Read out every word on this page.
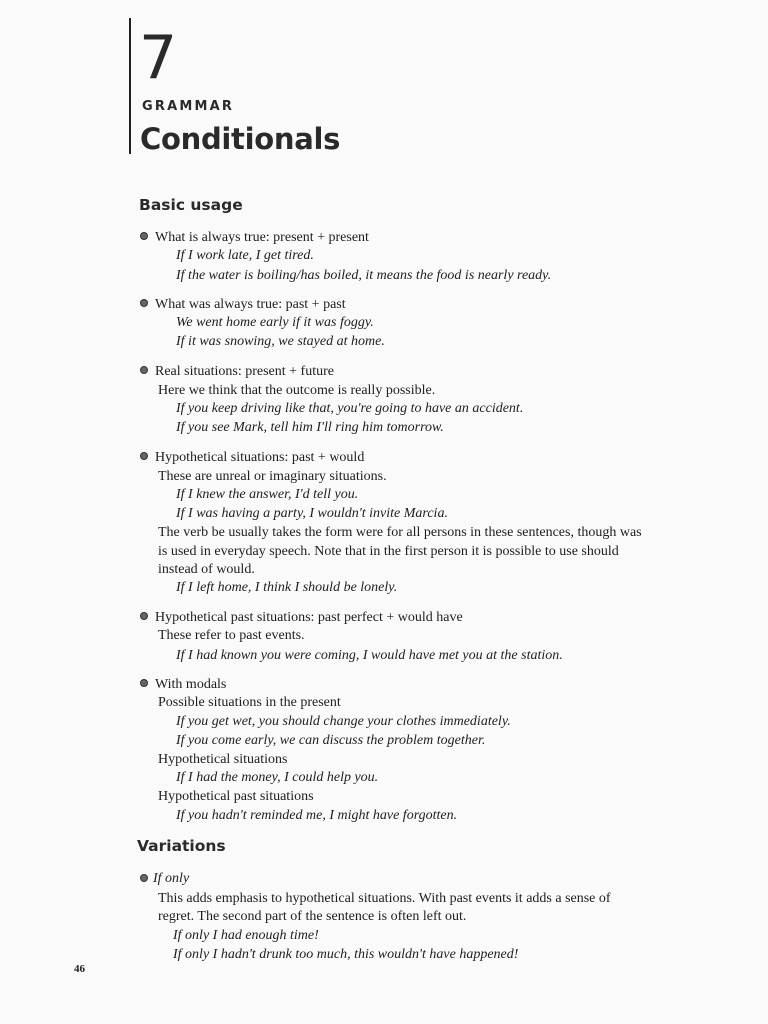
7
GRAMMAR
Conditionals
Basic usage
What is always true: present + present
If I work late, I get tired.
If the water is boiling/has boiled, it means the food is nearly ready.
What was always true: past + past
We went home early if it was foggy.
If it was snowing, we stayed at home.
Real situations: present + future
Here we think that the outcome is really possible.
If you keep driving like that, you're going to have an accident.
If you see Mark, tell him I'll ring him tomorrow.
Hypothetical situations: past + would
These are unreal or imaginary situations.
If I knew the answer, I'd tell you.
If I was having a party, I wouldn't invite Marcia.
The verb be usually takes the form were for all persons in these sentences, though was
is used in everyday speech. Note that in the first person it is possible to use should
instead of would.
If I left home, I think I should be lonely.
Hypothetical past situations: past perfect + would have
These refer to past events.
If I had known you were coming, I would have met you at the station.
With modals
Possible situations in the present
If you get wet, you should change your clothes immediately.
If you come early, we can discuss the problem together.
Hypothetical situations
If I had the money, I could help you.
Hypothetical past situations
If you hadn't reminded me, I might have forgotten.
Variations
If only
This adds emphasis to hypothetical situations. With past events it adds a sense of
regret. The second part of the sentence is often left out.
If only I had enough time!
If only I hadn't drunk too much, this wouldn't have happened!
46
